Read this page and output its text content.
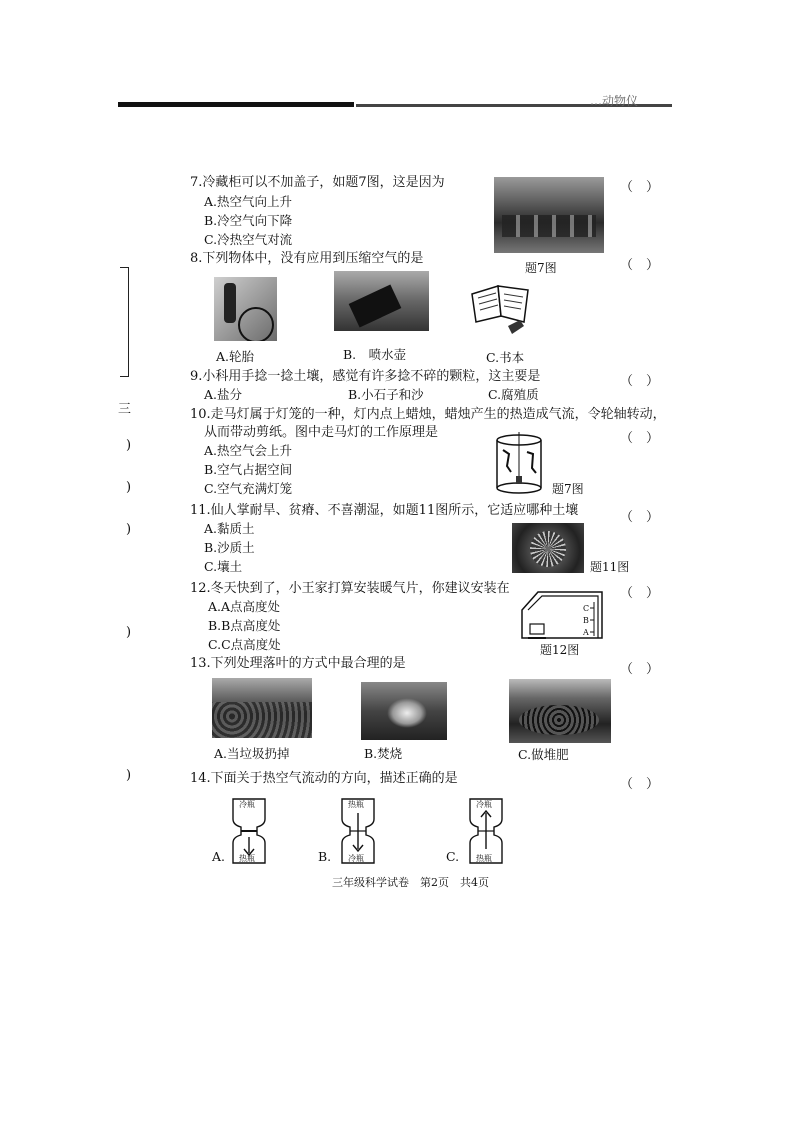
…动物仪
三
)
)
)
)
)
7.冷藏柜可以不加盖子，如题7图，这是因为
A.热空气向上升
B.冷空气向下降
C.冷热空气对流
题7图
（　）
8.下列物体中，没有应用到压缩空气的是	（　）
A.轮胎	B.　喷水壶	C.书本
9.小科用手捻一捻土壤，感觉有许多捻不碎的颗粒，这主要是	（　）
A.盐分	B.小石子和沙	C.腐殖质
10.走马灯属于灯笼的一种，灯内点上蜡烛，蜡烛产生的热造成气流，令轮轴转动，
从而带动剪纸。图中走马灯的工作原理是	（　）
A.热空气会上升
B.空气占据空间
C.空气充满灯笼	题7图
11.仙人掌耐旱、贫瘠、不喜潮湿，如题11图所示，它适应哪种土壤	（　）
A.黏质土
B.沙质土
C.壤土	题11图
12.冬天快到了，小王家打算安装暖气片，你建议安装在	（　）
A.A点高度处
B.B点高度处
C.C点高度处
C
B
A
题12图
13.下列处理落叶的方式中最合理的是	（　）
A.当垃圾扔掉	B.焚烧	C.做堆肥
14.下面关于热空气流动的方向，描述正确的是	（　）
A.
冷瓶
热瓶	B.
热瓶
冷瓶	C.
冷瓶
热瓶
三年级科学试卷　第2页　共4页
